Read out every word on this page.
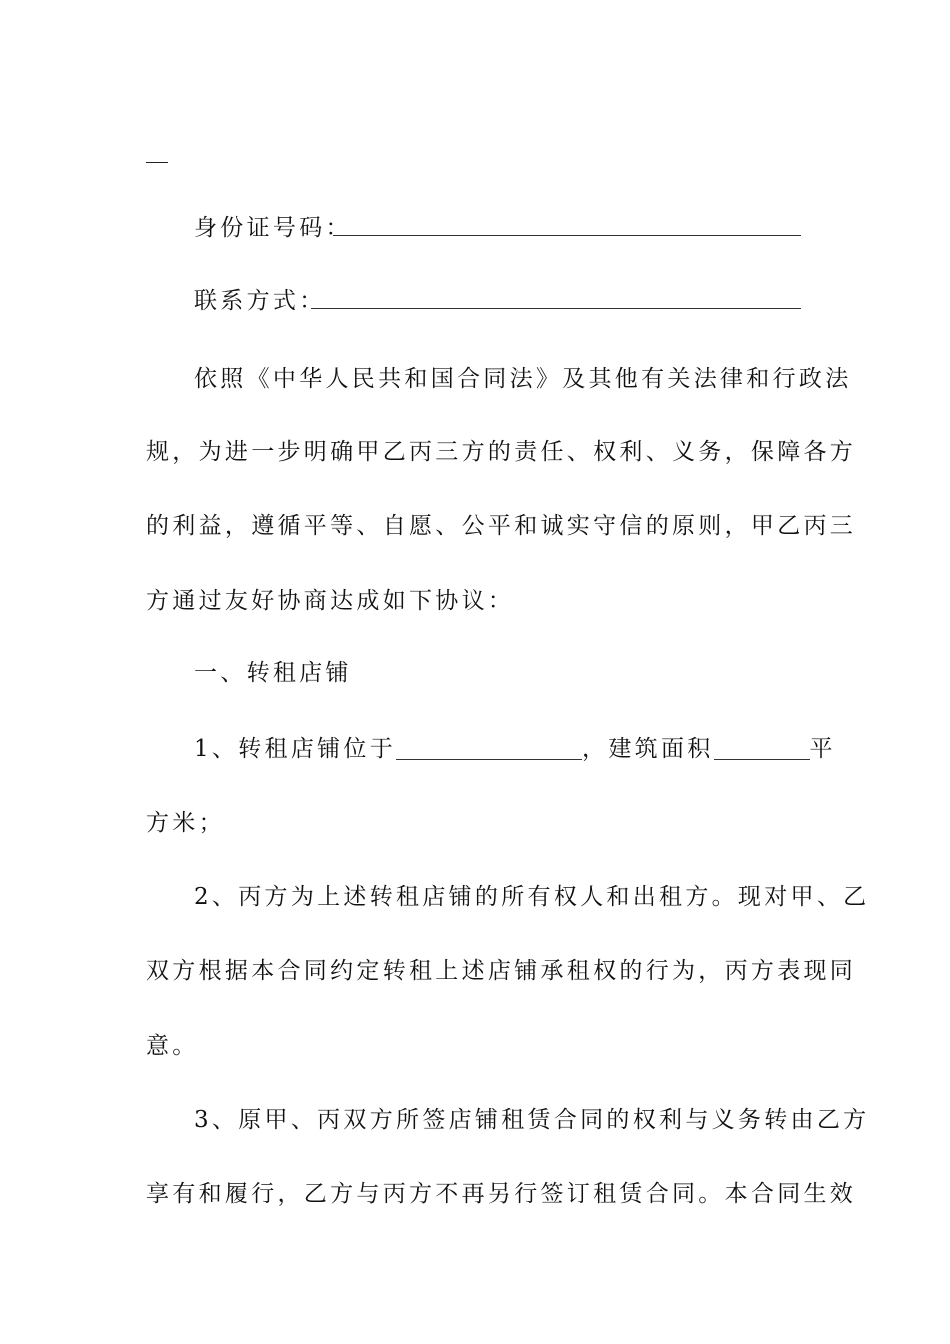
身份证号码：
联系方式：
依照《中华人民共和国合同法》及其他有关法律和行政法
规，为进一步明确甲乙丙三方的责任、权利、义务，保障各方
的利益，遵循平等、自愿、公平和诚实守信的原则，甲乙丙三
方通过友好协商达成如下协议：
一、转租店铺
1、转租店铺位于	，建筑面积	平
方米；
2、丙方为上述转租店铺的所有权人和出租方。现对甲、乙
双方根据本合同约定转租上述店铺承租权的行为，丙方表现同
意。
3、原甲、丙双方所签店铺租赁合同的权利与义务转由乙方
享有和履行，乙方与丙方不再另行签订租赁合同。本合同生效
